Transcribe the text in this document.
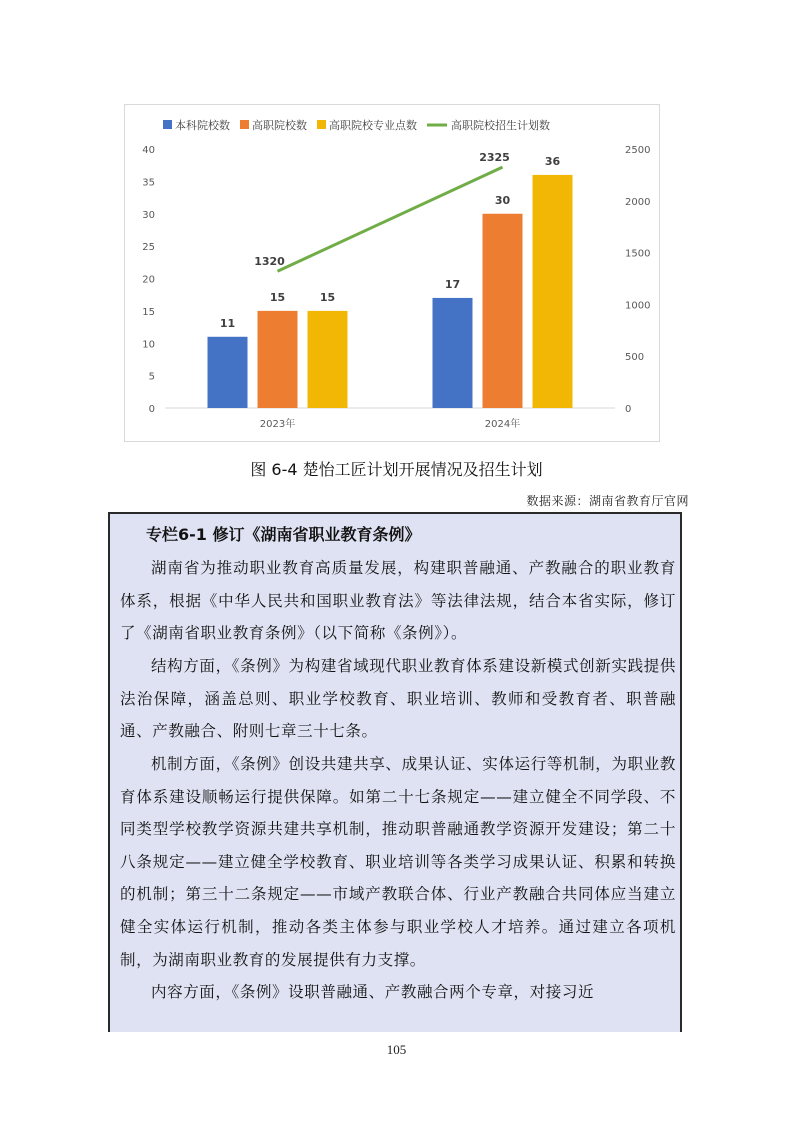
0
5
10
15
20
25
30
35
40
0
500
1000
1500
2000
2500
11
15	15
2023年
17
30
36
2024年
1320
2325
本科院校数 高职院校数 高职院校专业点数	高职院校招生计划数
图 6-4 楚怡工匠计划开展情况及招生计划
数据来源：湖南省教育厅官网
专栏6-1 修订《湖南省职业教育条例》

湖南省为推动职业教育高质量发展，构建职普融通、产教融合的职业教育体系，根据《中华人民共和国职业教育法》等法律法规，结合本省实际，修订了《湖南省职业教育条例》（以下简称《条例》）。

结构方面，《条例》为构建省域现代职业教育体系建设新模式创新实践提供法治保障，涵盖总则、职业学校教育、职业培训、教师和受教育者、职普融通、产教融合、附则七章三十七条。

机制方面，《条例》创设共建共享、成果认证、实体运行等机制，为职业教育体系建设顺畅运行提供保障。如第二十七条规定——建立健全不同学段、不同类型学校教学资源共建共享机制，推动职普融通教学资源开发建设；第二十八条规定——建立健全学校教育、职业培训等各类学习成果认证、积累和转换的机制；第三十二条规定——市域产教联合体、行业产教融合共同体应当建立健全实体运行机制，推动各类主体参与职业学校人才培养。通过建立各项机制，为湖南职业教育的发展提供有力支撑。

内容方面，《条例》设职普融通、产教融合两个专章，对接习近

105
